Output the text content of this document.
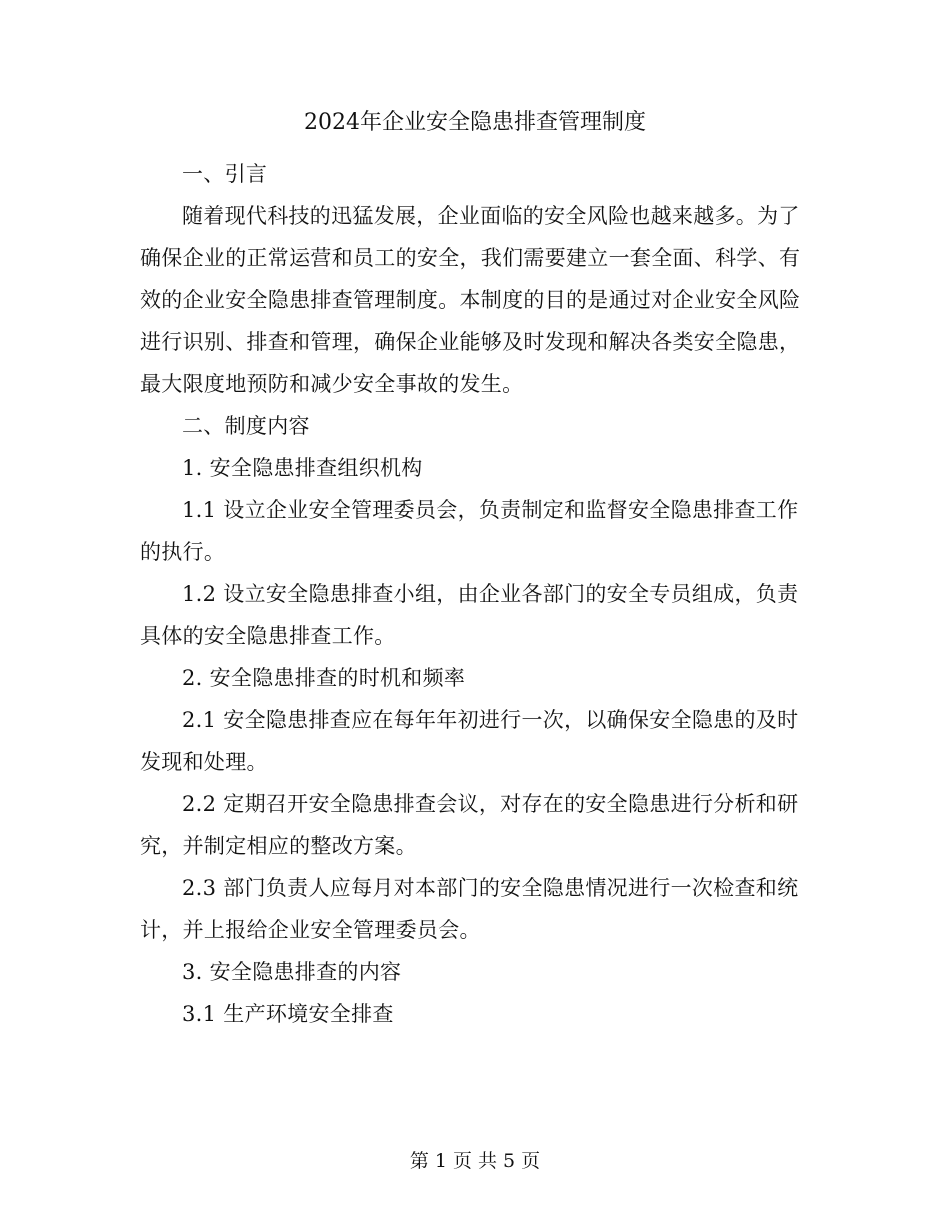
2024年企业安全隐患排查管理制度

一、引言

随着现代科技的迅猛发展，企业面临的安全风险也越来越多。为了确保企业的正常运营和员工的安全，我们需要建立一套全面、科学、有效的企业安全隐患排查管理制度。本制度的目的是通过对企业安全风险进行识别、排查和管理，确保企业能够及时发现和解决各类安全隐患，最大限度地预防和减少安全事故的发生。

二、制度内容

1. 安全隐患排查组织机构

1.1 设立企业安全管理委员会，负责制定和监督安全隐患排查工作的执行。

1.2 设立安全隐患排查小组，由企业各部门的安全专员组成，负责具体的安全隐患排查工作。

2. 安全隐患排查的时机和频率

2.1 安全隐患排查应在每年年初进行一次，以确保安全隐患的及时发现和处理。

2.2 定期召开安全隐患排查会议，对存在的安全隐患进行分析和研究，并制定相应的整改方案。

2.3 部门负责人应每月对本部门的安全隐患情况进行一次检查和统计，并上报给企业安全管理委员会。

3. 安全隐患排查的内容

3.1 生产环境安全排查

第 1 页 共 5 页
